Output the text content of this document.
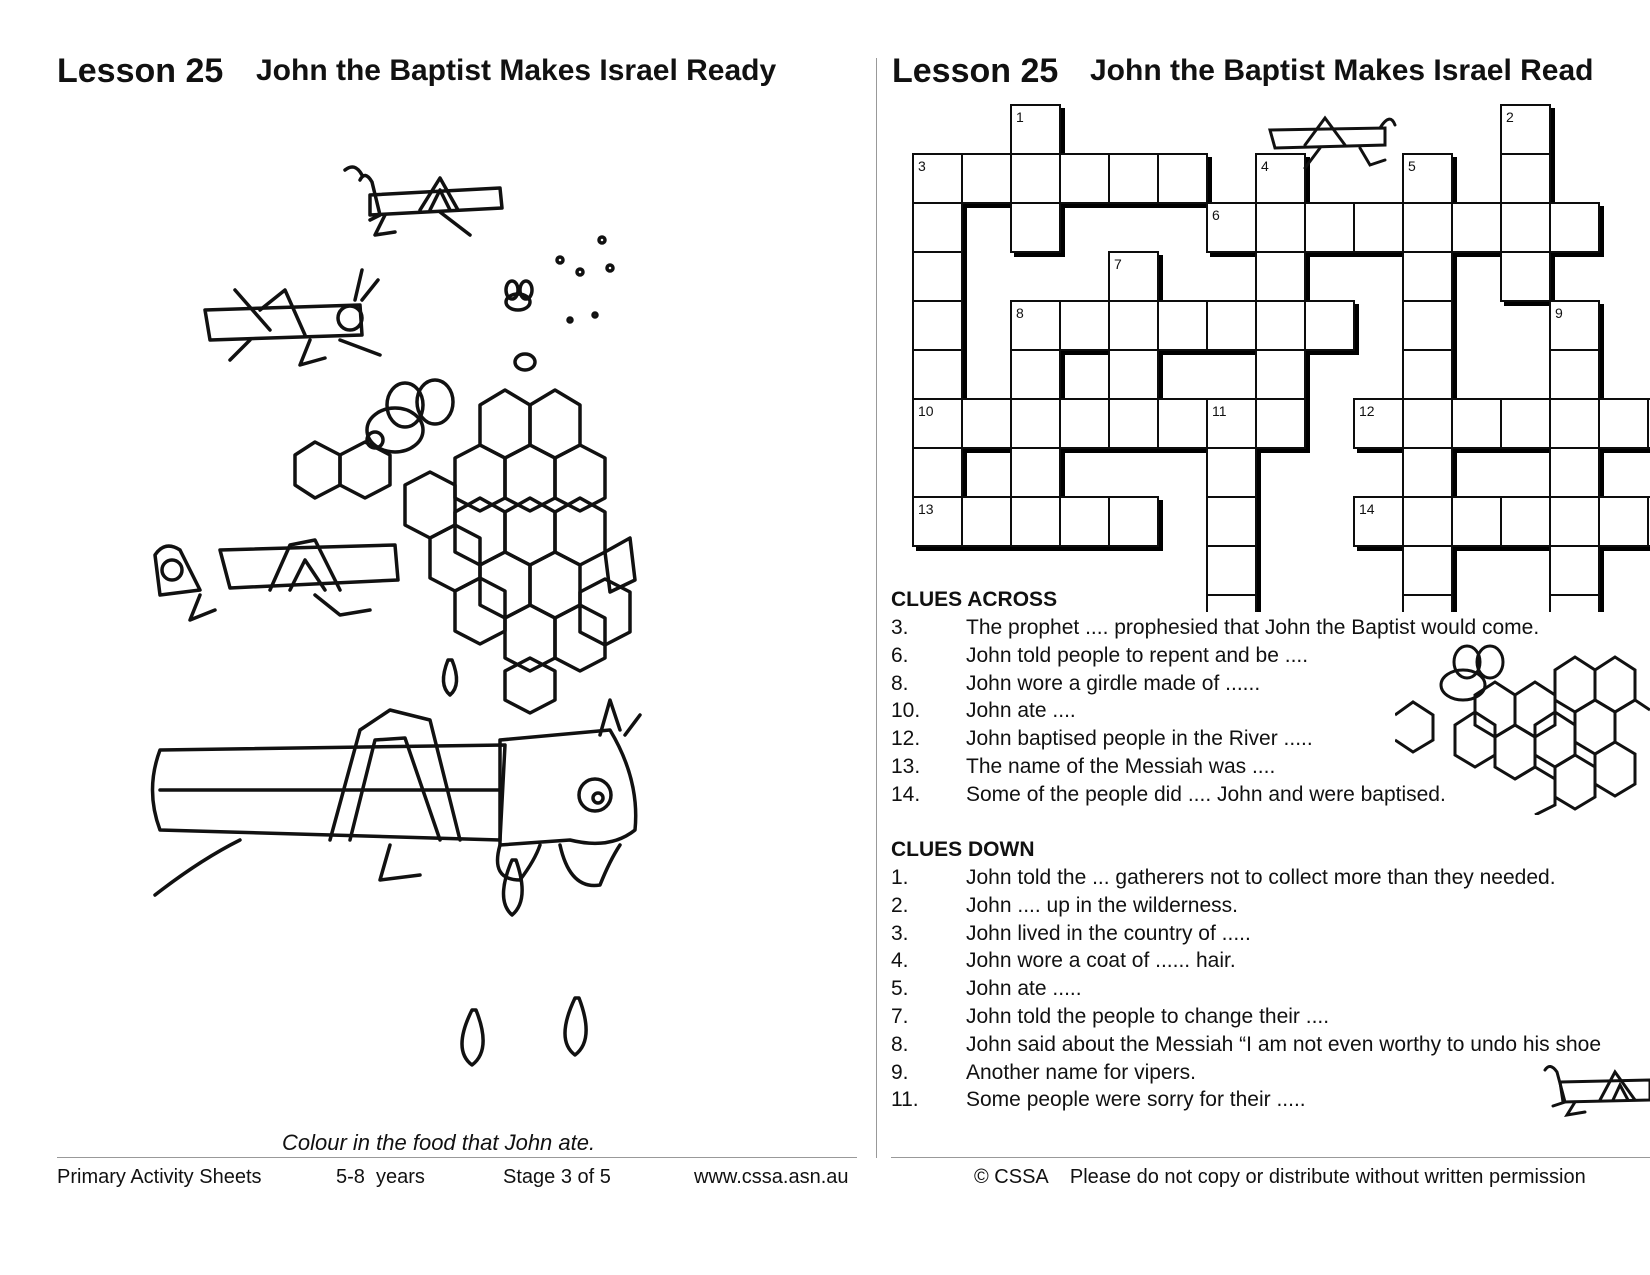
Lesson 25 John the Baptist Makes Israel Ready
Colour in the food that John ate.
Lesson 25 John the Baptist Makes Israel Read
1	2
3	4	5
6
7
8	9
10	11	12
13	14
CLUES ACROSS
3.	The prophet .... prophesied that John the Baptist would come.
6.	John told people to repent and be ....
8.	John wore a girdle made of ......
10. John ate ....
12. John baptised people in the River .....
13. The name of the Messiah was ....
14. Some of the people did .... John and were baptised.
CLUES DOWN
1.	John told the ... gatherers not to collect more than they needed.
2.	John .... up in the wilderness.
3.	John lived in the country of .....
4.	John wore a coat of ...... hair.
5.	John ate .....
7.	John told the people to change their ....
8.	John said about the Messiah “I am not even worthy to undo his shoe
9.	Another name for vipers.
11. Some people were sorry for their .....
Primary Activity Sheets	5-8  years	Stage 3 of 5	www.cssa.asn.au	© CSSA    Please do not copy or distribute without written permission
